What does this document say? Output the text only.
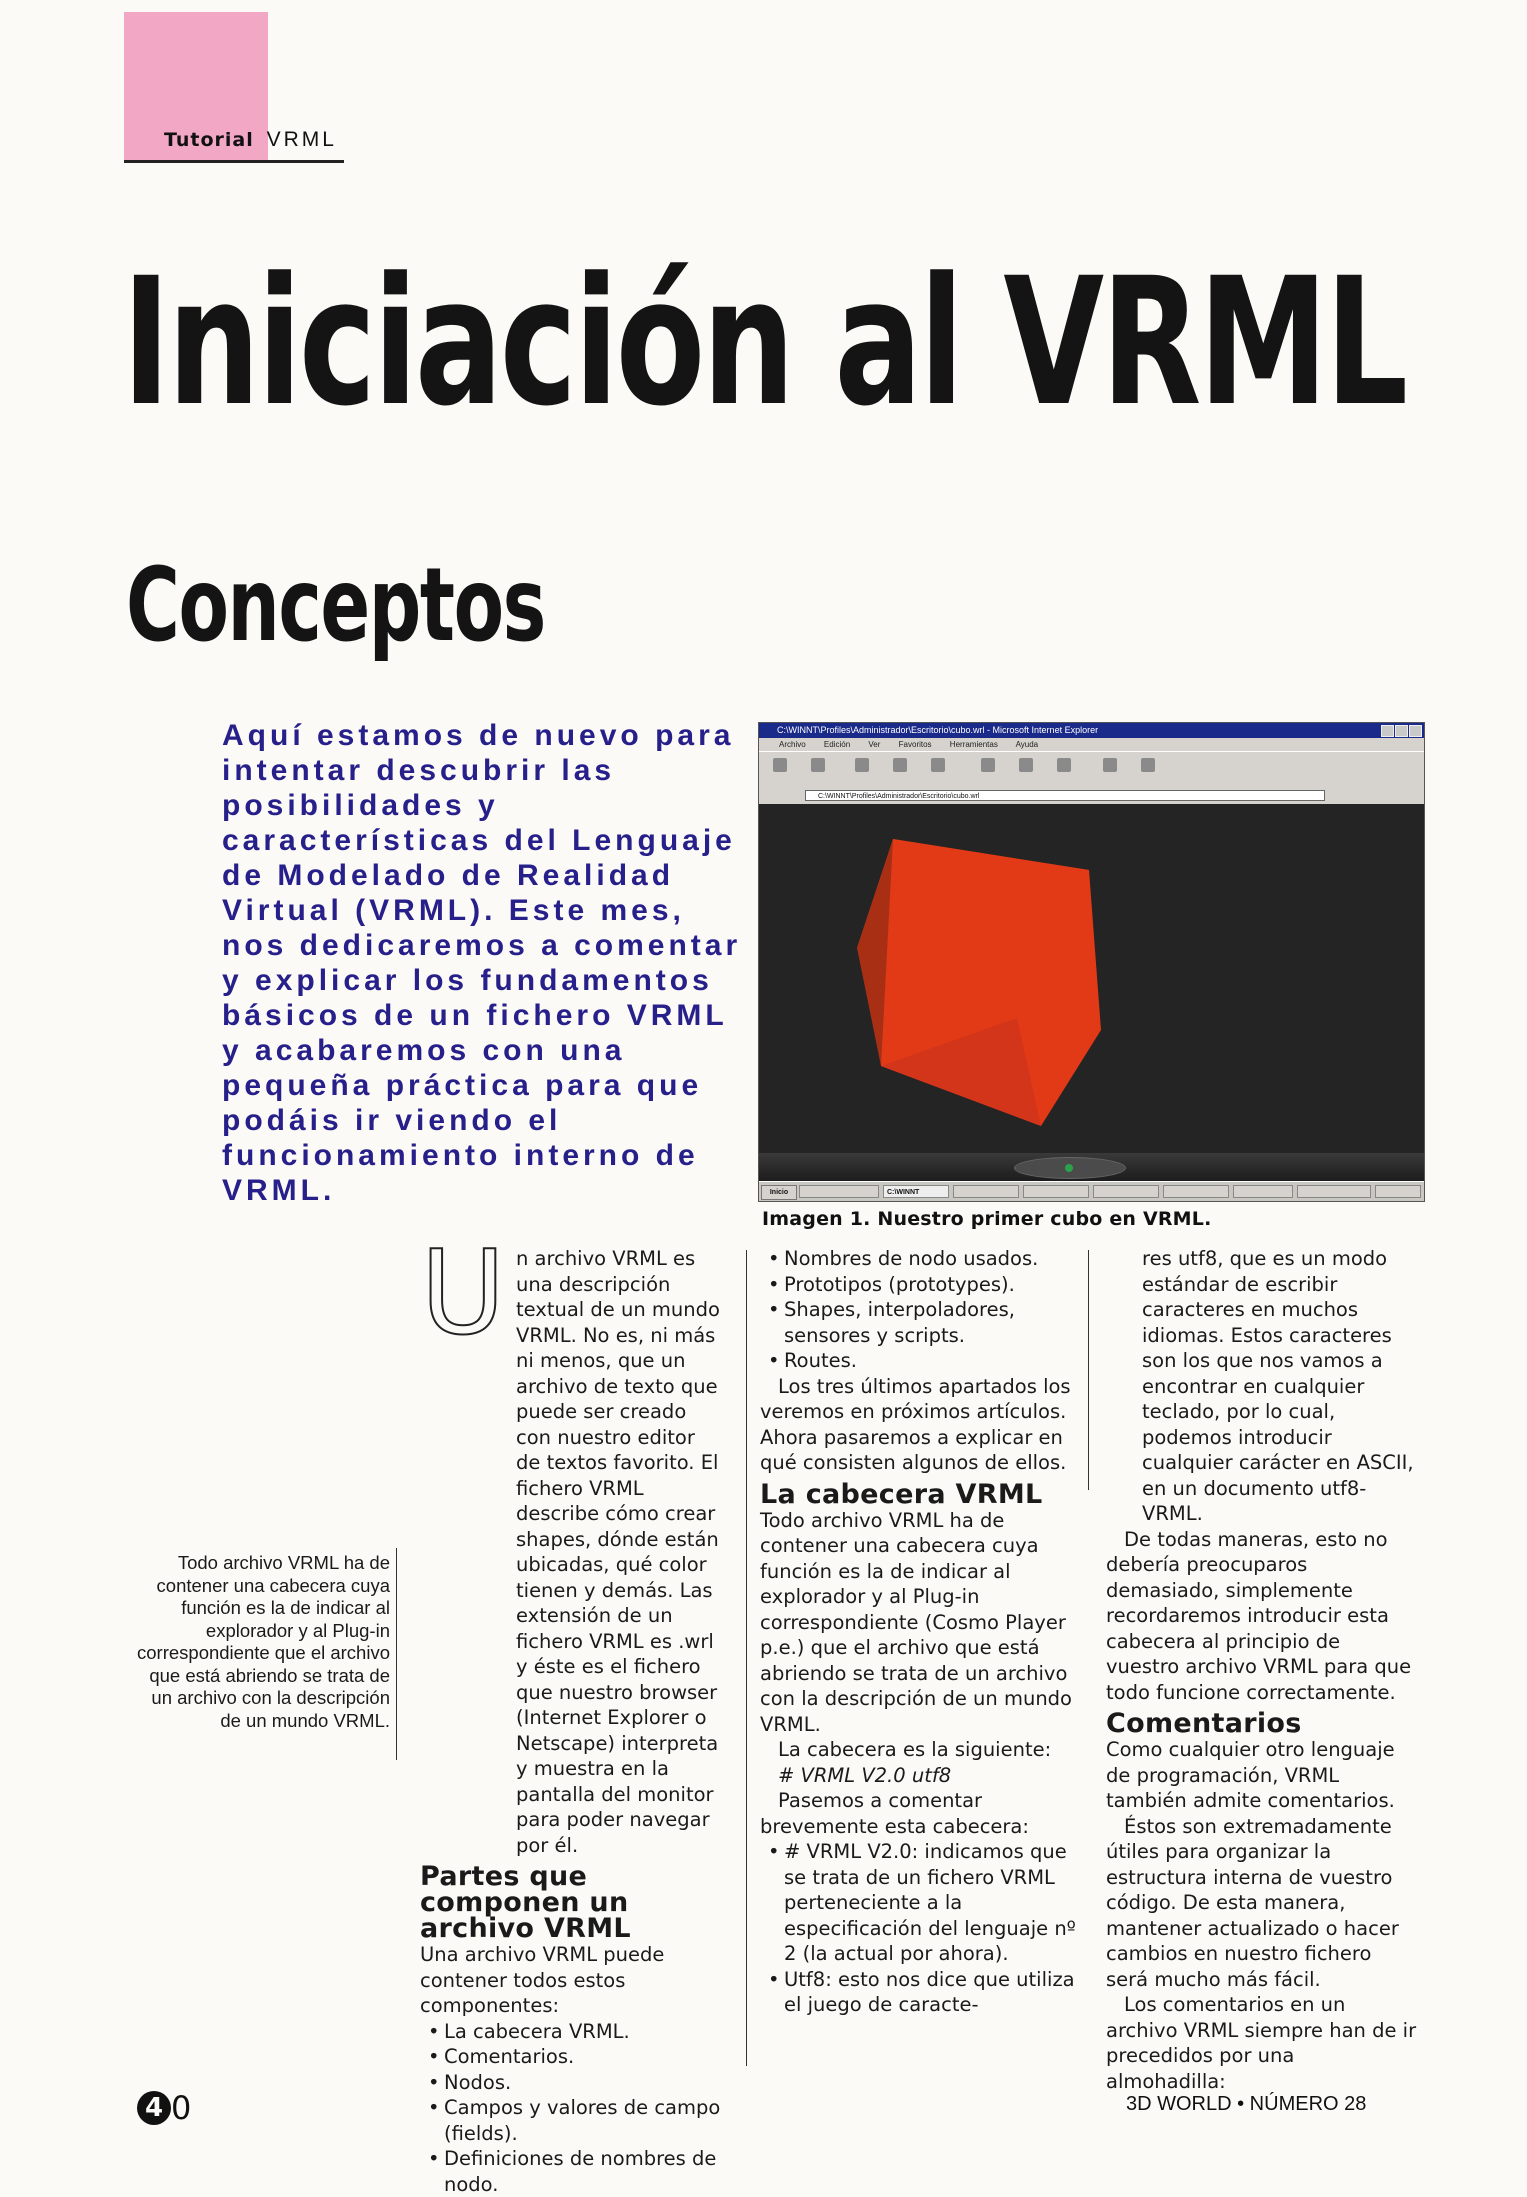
Tutorial VRML
Iniciación al VRML
Conceptos

Aquí estamos de nuevo para intentar descubrir las posibilidades y características del Lenguaje de Modelado de Realidad Virtual (VRML). Este mes, nos dedicaremos a comentar y explicar los fundamentos básicos de un fichero VRML y acabaremos con una pequeña práctica para que podáis ir viendo el funcionamiento interno de VRML.

C:\WINNT\Profiles\Administrador\Escritorio\cubo.wrl - Microsoft Internet Explorer
Archivo Edición Ver Favoritos Herramientas Ayuda
C:\WINNT\Profiles\Administrador\Escritorio\cubo.wrl
Inicio	C:\WINNT

Imagen 1. Nuestro primer cubo en VRML.

Todo archivo VRML ha de contener una cabecera cuya función es la de indicar al explorador y al Plug-in correspondiente que el archivo que está abriendo se trata de un archivo con la descripción de un mundo VRML.

U n archivo VRML es una descripción textual de un mundo VRML. No es, ni más ni menos, que un archivo de texto que puede ser creado con nuestro editor de textos favorito. El fichero VRML describe cómo crear shapes, dónde están ubicadas, qué color tienen y demás. Las extensión de un fichero VRML es .wrl y éste es el fichero que nuestro browser (Internet Explorer o Netscape) interpreta y muestra en la pantalla del monitor para poder navegar por él.
Partes que componen un archivo VRML

Una archivo VRML puede contener todos estos componentes:

• La cabecera VRML.
• Comentarios.
• Nodos.
• Campos y valores de campo (fields).
• Definiciones de nombres de nodo.
• Nombres de nodo usados.
• Prototipos (prototypes).
• Shapes, interpoladores, sensores y scripts.
• Routes.

Los tres últimos apartados los veremos en próximos artículos. Ahora pasaremos a explicar en qué consisten algunos de ellos.

La cabecera VRML

Todo archivo VRML ha de contener una cabecera cuya función es la de indicar al explorador y al Plug-in correspondiente (Cosmo Player p.e.) que el archivo que está abriendo se trata de un archivo con la descripción de un mundo VRML.

La cabecera es la siguiente:

# VRML V2.0 utf8

Pasemos a comentar brevemente esta cabecera:

• # VRML V2.0: indicamos que se trata de un fichero VRML perteneciente a la especificación del lenguaje nº 2 (la actual por ahora).
• Utf8: esto nos dice que utiliza el juego de caracte-

res utf8, que es un modo estándar de escribir caracteres en muchos idiomas. Estos caracteres son los que nos vamos a encontrar en cualquier teclado, por lo cual, podemos introducir cualquier carácter en ASCII, en un documento utf8-VRML.

De todas maneras, esto no debería preocuparos demasiado, simplemente recordaremos introducir esta cabecera al principio de vuestro archivo VRML para que todo funcione correctamente.

Comentarios

Como cualquier otro lenguaje de programación, VRML también admite comentarios.

Éstos son extremadamente útiles para organizar la estructura interna de vuestro código. De esta manera, mantener actualizado o hacer cambios en nuestro fichero será mucho más fácil.

Los comentarios en un archivo VRML siempre han de ir precedidos por una almohadilla:

4 0	3D WORLD • NÚMERO 28
